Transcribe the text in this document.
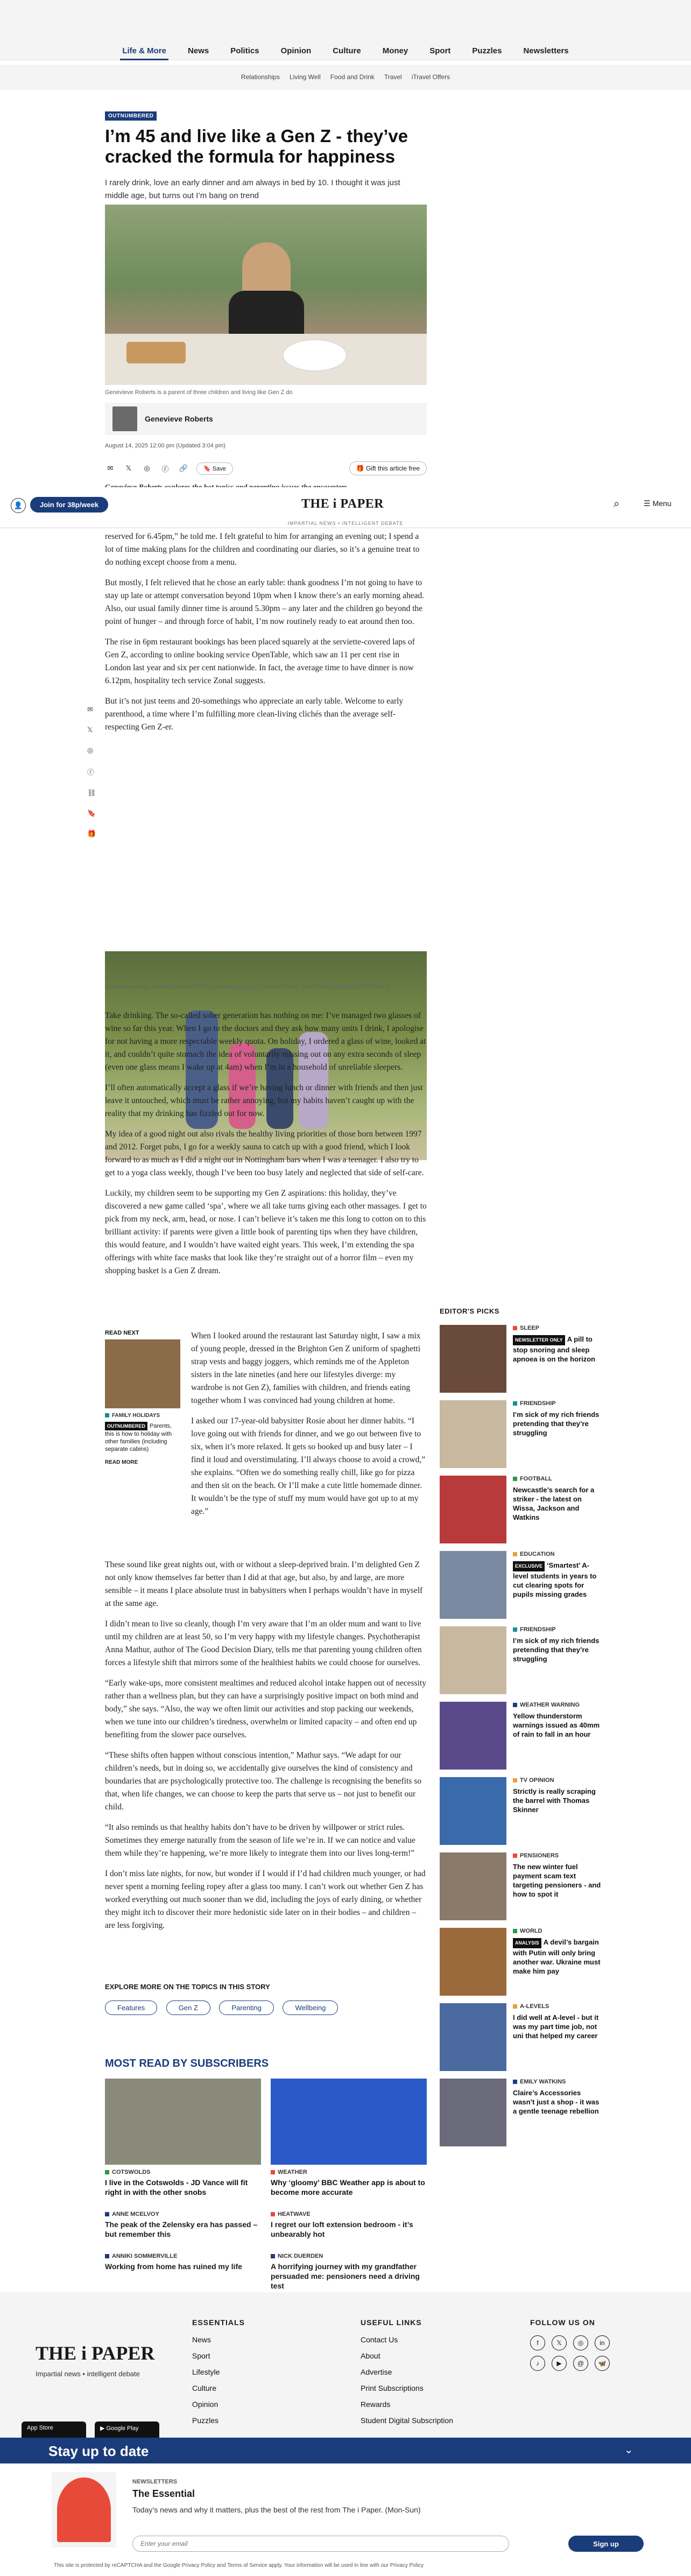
Life & More	News	Politics	Opinion	Culture	Money	Sport	Puzzles	Newsletters
Relationships Living Well Food and Drink Travel iTravel Offers
OUTNUMBERED
I’m 45 and live like a Gen Z - they’ve cracked the formula for happiness

I rarely drink, love an early dinner and am always in bed by 10. I thought it was just middle age, but turns out I’m bang on trend

Genevieve Roberts is a parent of three children and living like Gen Z do

Genevieve Roberts

August 14, 2025 12:00 pm (Updated 3:04 pm)

✉	𝕏	◎	ⓕ 🔗	🔖 Save	🎁 Gift this article free

👤	Join for 38p/week	THE i PAPER	⌕	☰ Menu
IMPARTIAL NEWS • INTELLIGENT DEBATE
✉
𝕏
◎
ⓕ
⛓
🔖
🎁

reserved for 6.45pm,” he told me. I felt grateful to him for arranging an evening out; I spend a lot of time making plans for the children and coordinating our diaries, so it’s a genuine treat to do nothing except choose from a menu.

But mostly, I felt relieved that he chose an early table: thank goodness I’m not going to have to stay up late or attempt conversation beyond 10pm when I know there’s an early morning ahead. Also, our usual family dinner time is around 5.30pm – any later and the children go beyond the point of hunger – and through force of habit, I’m now routinely ready to eat around then too.

The rise in 6pm restaurant bookings has been placed squarely at the serviette-covered laps of Gen Z, according to online booking service OpenTable, which saw an 11 per cent rise in London last year and six per cent nationwide. In fact, the average time to have dinner is now 6.12pm, hospitality tech service Zonal suggests.

But it’s not just teens and 20-somethings who appreciate an early table. Welcome to early parenthood, a time where I’m fulfilling more clean-living clichés than the average self-respecting Gen Z-er.

Genevieve reaps the health benefits from parenting young children (Photo: David McHugh/Brighton Pictures)

Take drinking. The so-called sober generation has nothing on me: I’ve managed two glasses of wine so far this year. When I go to the doctors and they ask how many units I drink, I apologise for not having a more respectable weekly quota. On holiday, I ordered a glass of wine, looked at it, and couldn’t quite stomach the idea of voluntarily missing out on any extra seconds of sleep (even one glass means I wake up at 4am) when I’m in a household of unreliable sleepers.

I’ll often automatically accept a glass if we’re having lunch or dinner with friends and then just leave it untouched, which must be rather annoying, but my habits haven’t caught up with the reality that my drinking has fizzled out for now.

My idea of a good night out also rivals the healthy living priorities of those born between 1997 and 2012. Forget pubs, I go for a weekly sauna to catch up with a good friend, which I look forward to as much as I did a night out in Nottingham bars when I was a teenager. I also try to get to a yoga class weekly, though I’ve been too busy lately and neglected that side of self-care.

Luckily, my children seem to be supporting my Gen Z aspirations: this holiday, they’ve discovered a new game called ‘spa’, where we all take turns giving each other massages. I get to pick from my neck, arm, head, or nose. I can’t believe it’s taken me this long to cotton on to this brilliant activity: if parents were given a little book of parenting tips when they have children, this would feature, and I wouldn’t have waited eight years. This week, I’m extending the spa offerings with white face masks that look like they’re straight out of a horror film – even my shopping basket is a Gen Z dream.

READ NEXT
FAMILY HOLIDAYS
OUTNUMBERED Parents, this is how to holiday with other families (including separate cabins)
READ MORE

When I looked around the restaurant last Saturday night, I saw a mix of young people, dressed in the Brighton Gen Z uniform of spaghetti strap vests and baggy joggers, which reminds me of the Appleton sisters in the late nineties (and here our lifestyles diverge: my wardrobe is not Gen Z), families with children, and friends eating together whom I was convinced had young children at home.

I asked our 17-year-old babysitter Rosie about her dinner habits. “I love going out with friends for dinner, and we go out between five to six, when it’s more relaxed. It gets so booked up and busy later – I find it loud and overstimulating. I’ll always choose to avoid a crowd,” she explains. “Often we do something really chill, like go for pizza and then sit on the beach. Or I’ll make a cute little homemade dinner. It wouldn’t be the type of stuff my mum would have got up to at my age.”

These sound like great nights out, with or without a sleep-deprived brain. I’m delighted Gen Z not only know themselves far better than I did at that age, but also, by and large, are more sensible – it means I place absolute trust in babysitters when I perhaps wouldn’t have in myself at the same age.

I didn’t mean to live so cleanly, though I’m very aware that I’m an older mum and want to live until my children are at least 50, so I’m very happy with my lifestyle changes. Psychotherapist Anna Mathur, author of The Good Decision Diary, tells me that parenting young children often forces a lifestyle shift that mirrors some of the healthiest habits we could choose for ourselves.

“Early wake-ups, more consistent mealtimes and reduced alcohol intake happen out of necessity rather than a wellness plan, but they can have a surprisingly positive impact on both mind and body,” she says. “Also, the way we often limit our activities and stop packing our weekends, when we tune into our children’s tiredness, overwhelm or limited capacity – and often end up benefiting from the slower pace ourselves.

“These shifts often happen without conscious intention,” Mathur says. “We adapt for our children’s needs, but in doing so, we accidentally give ourselves the kind of consistency and boundaries that are psychologically protective too. The challenge is recognising the benefits so that, when life changes, we can choose to keep the parts that serve us – not just to benefit our child.

“It also reminds us that healthy habits don’t have to be driven by willpower or strict rules. Sometimes they emerge naturally from the season of life we’re in. If we can notice and value them while they’re happening, we’re more likely to integrate them into our lives long-term!”

I don’t miss late nights, for now, but wonder if I would if I’d had children much younger, or had never spent a morning feeling ropey after a glass too many. I can’t work out whether Gen Z has worked everything out much sooner than we did, including the joys of early dining, or whether they might itch to discover their more hedonistic side later on in their bodies – and children – are less forgiving.

EXPLORE MORE ON THE TOPICS IN THIS STORY
Features	Gen Z	Parenting	Wellbeing
EDITOR'S PICKS
SLEEP
NEWSLETTER ONLY A pill to stop snoring and sleep apnoea is on the horizon
FRIENDSHIP
I’m sick of my rich friends pretending that they’re struggling
FOOTBALL
Newcastle’s search for a striker - the latest on Wissa, Jackson and Watkins
EDUCATION
EXCLUSIVE ‘Smartest’ A-level students in years to cut clearing spots for pupils missing grades
FRIENDSHIP
I’m sick of my rich friends pretending that they’re struggling
WEATHER WARNING
Yellow thunderstorm warnings issued as 40mm of rain to fall in an hour
TV OPINION
Strictly is really scraping the barrel with Thomas Skinner
PENSIONERS
The new winter fuel payment scam text targeting pensioners - and how to spot it
WORLD
ANALYSIS A devil’s bargain with Putin will only bring another war. Ukraine must make him pay
A-LEVELS
I did well at A-level - but it was my part time job, not uni that helped my career
EMILY WATKINS
Claire’s Accessories wasn’t just a shop - it was a gentle teenage rebellion
MOST READ BY SUBSCRIBERS
COTSWOLDS
I live in the Cotswolds - JD Vance will fit right in with the other snobs
WEATHER
Why ‘gloomy’ BBC Weather app is about to become more accurate
ANNE MCELVOY
The peak of the Zelensky era has passed – but remember this
HEATWAVE
I regret our loft extension bedroom - it’s unbearably hot
ANNIKI SOMMERVILLE
Working from home has ruined my life
NICK DUERDEN
A horrifying journey with my grandfather persuaded me: pensioners need a driving test
THE i PAPER
Impartial news • intelligent debate
ESSENTIALS
News
Sport
Lifestyle
Culture
Opinion
Puzzles
USEFUL LINKS
Contact Us
About
Advertise
Print Subscriptions
Rewards
Student Digital Subscription
FOLLOW US ON
f	𝕏	◎	in
♪	▶	@	🦋
App Store	▶ Google Play
Stay up to date	⌄
NEWSLETTERS
The Essential
Today’s news and why it matters, plus the best of the rest from The i Paper. (Mon-Sun)
Enter your email
Sign up
This site is protected by reCAPTCHA and the Google Privacy Policy and Terms of Service apply. Your information will be used in line with our Privacy Policy
